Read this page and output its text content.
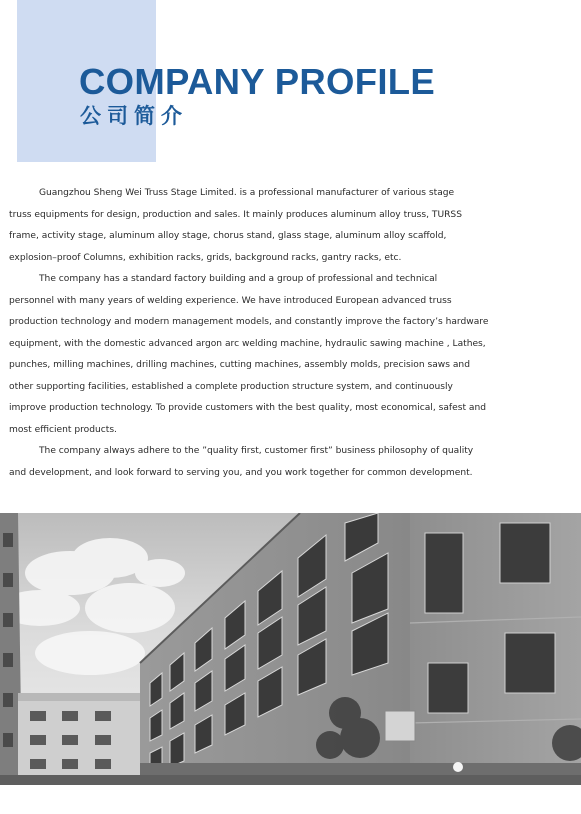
COMPANY PROFILE
公司简介
Guangzhou Sheng Wei Truss Stage Limited. is a professional manufacturer of various stage
truss equipments for design, production and sales. It mainly produces aluminum alloy truss, TURSS
frame, activity stage, aluminum alloy stage, chorus stand, glass stage, aluminum alloy scaffold,
explosion–proof Columns, exhibition racks, grids, background racks, gantry racks, etc.
The company has a standard factory building and a group of professional and technical
personnel with many years of welding experience. We have introduced European advanced truss
production technology and modern management models, and constantly improve the factory’s hardware
equipment, with the domestic advanced argon arc welding machine, hydraulic sawing machine , Lathes,
punches, milling machines, drilling machines, cutting machines, assembly molds, precision saws and
other supporting facilities, established a complete production structure system, and continuously
improve production technology. To provide customers with the best quality, most economical, safest and
most efficient products.
The company always adhere to the ”quality first, customer first” business philosophy of quality
and development, and look forward to serving you, and you work together for common development.
